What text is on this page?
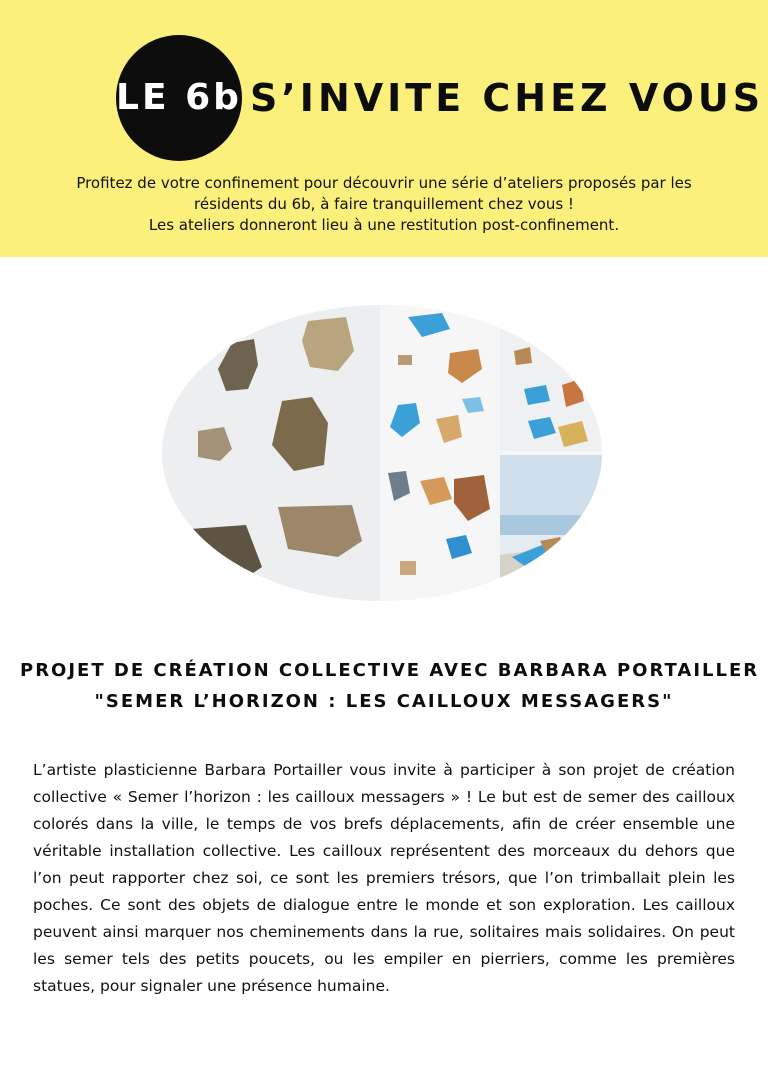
LE 6b S’INVITE CHEZ VOUS
Profitez de votre confinement pour découvrir une série d’ateliers proposés par les
résidents du 6b, à faire tranquillement chez vous !
Les ateliers donneront lieu à une restitution post-confinement.
PROJET DE CRÉATION COLLECTIVE AVEC BARBARA PORTAILLER
"SEMER L’HORIZON : LES CAILLOUX MESSAGERS"
L’artiste plasticienne Barbara Portailler vous invite à participer à son projet de création collective « Semer l’horizon : les cailloux messagers » ! Le but est de semer des cailloux colorés dans la ville, le temps de vos brefs déplacements, afin de créer ensemble une véritable installation collective. Les cailloux représentent des morceaux du dehors que l’on peut rapporter chez soi, ce sont les premiers trésors, que l’on trimballait plein les poches. Ce sont des objets de dialogue entre le monde et son exploration. Les cailloux peuvent ainsi marquer nos cheminements dans la rue, solitaires mais solidaires. On peut les semer tels des petits poucets, ou les empiler en pierriers, comme les premières statues, pour signaler une présence humaine.
